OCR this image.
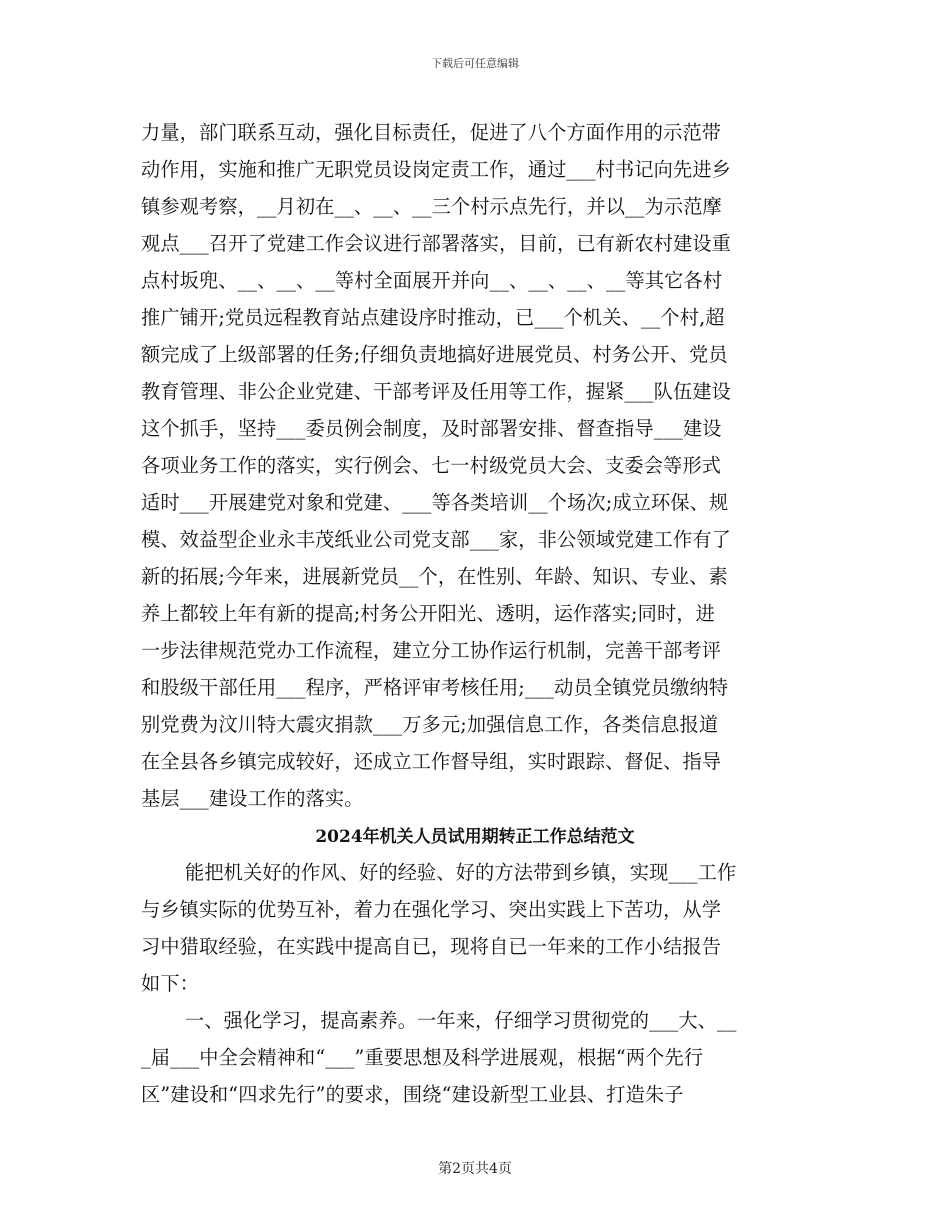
下载后可任意编辑
力量，部门联系互动，强化目标责任，促进了八个方面作用的示范带
动作用，实施和推广无职党员设岗定责工作，通过___村书记向先进乡
镇参观考察，__月初在__、__、__三个村示点先行，并以__为示范摩
观点___召开了党建工作会议进行部署落实，目前，已有新农村建设重
点村坂兜、__、__、__等村全面展开并向__、__、__、__等其它各村
推广铺开;党员远程教育站点建设序时推动，已___个机关、__个村,超
额完成了上级部署的任务;仔细负责地搞好进展党员、村务公开、党员
教育管理、非公企业党建、干部考评及任用等工作，握紧___队伍建设
这个抓手，坚持___委员例会制度，及时部署安排、督查指导___建设
各项业务工作的落实，实行例会、七一村级党员大会、支委会等形式
适时___开展建党对象和党建、___等各类培训__个场次;成立环保、规
模、效益型企业永丰茂纸业公司党支部___家，非公领域党建工作有了
新的拓展;今年来，进展新党员__个，在性别、年龄、知识、专业、素
养上都较上年有新的提高;村务公开阳光、透明，运作落实;同时，进
一步法律规范党办工作流程，建立分工协作运行机制，完善干部考评
和股级干部任用___程序，严格评审考核任用;___动员全镇党员缴纳特
别党费为汶川特大震灾捐款___万多元;加强信息工作，各类信息报道
在全县各乡镇完成较好，还成立工作督导组，实时跟踪、督促、指导
基层___建设工作的落实。
2024年机关人员试用期转正工作总结范文
能把机关好的作风、好的经验、好的方法带到乡镇，实现___工作
与乡镇实际的优势互补，着力在强化学习、突出实践上下苦功，从学
习中猎取经验，在实践中提高自已，现将自已一年来的工作小结报告
如下：
一、强化学习，提高素养。一年来，仔细学习贯彻党的___大、__
_届___中全会精神和“___”重要思想及科学进展观，根据“两个先行
区”建设和“四求先行”的要求，围绕“建设新型工业县、打造朱子
第2页共4页
